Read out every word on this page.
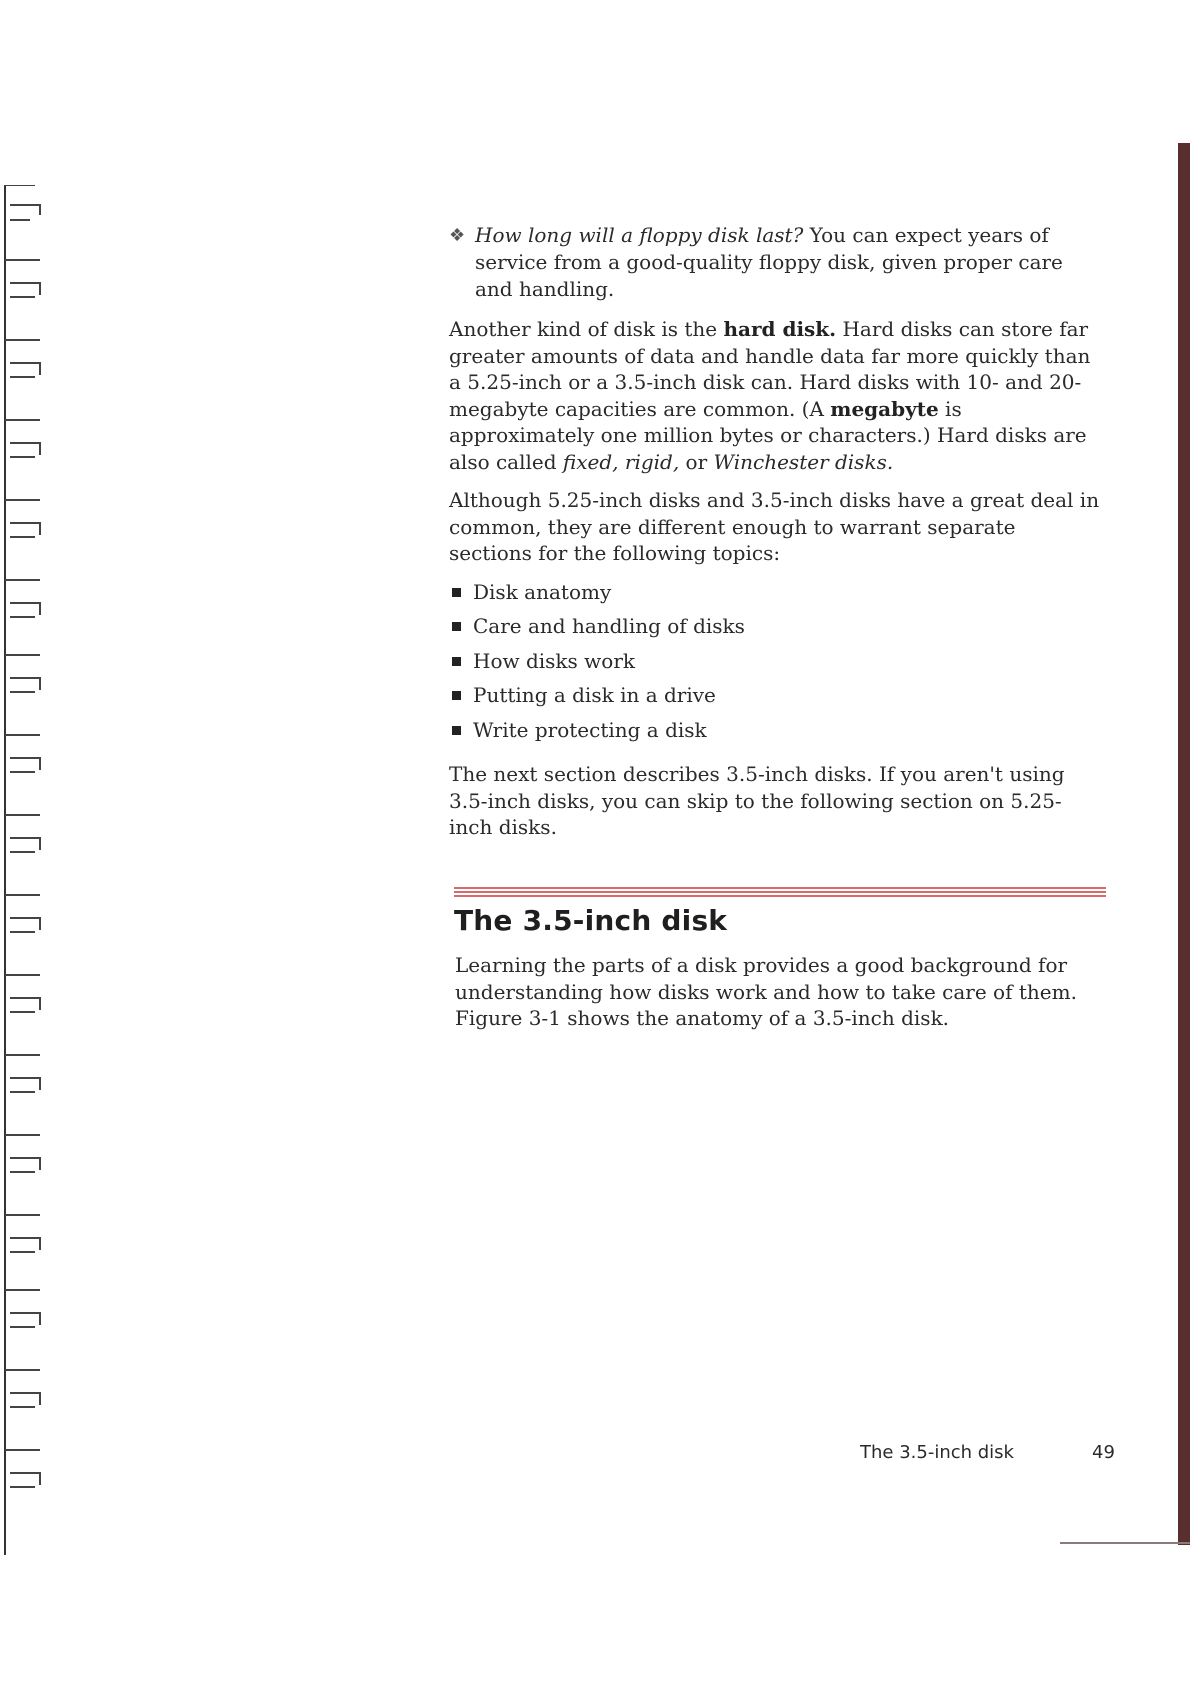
❖ How long will a floppy disk last? You can expect years of service from a good-quality floppy disk, given proper care and handling.

Another kind of disk is the hard disk. Hard disks can store far greater amounts of data and handle data far more quickly than a 5.25-inch or a 3.5-inch disk can. Hard disks with 10- and 20-megabyte capacities are common. (A megabyte is approximately one million bytes or characters.) Hard disks are also called fixed, rigid, or Winchester disks.

Although 5.25-inch disks and 3.5-inch disks have a great deal in common, they are different enough to warrant separate sections for the following topics:

Disk anatomy
Care and handling of disks
How disks work
Putting a disk in a drive
Write protecting a disk

The next section describes 3.5-inch disks. If you aren't using 3.5-inch disks, you can skip to the following section on 5.25-inch disks.

The 3.5-inch disk

Learning the parts of a disk provides a good background for understanding how disks work and how to take care of them. Figure 3-1 shows the anatomy of a 3.5-inch disk.

The 3.5-inch disk	49
